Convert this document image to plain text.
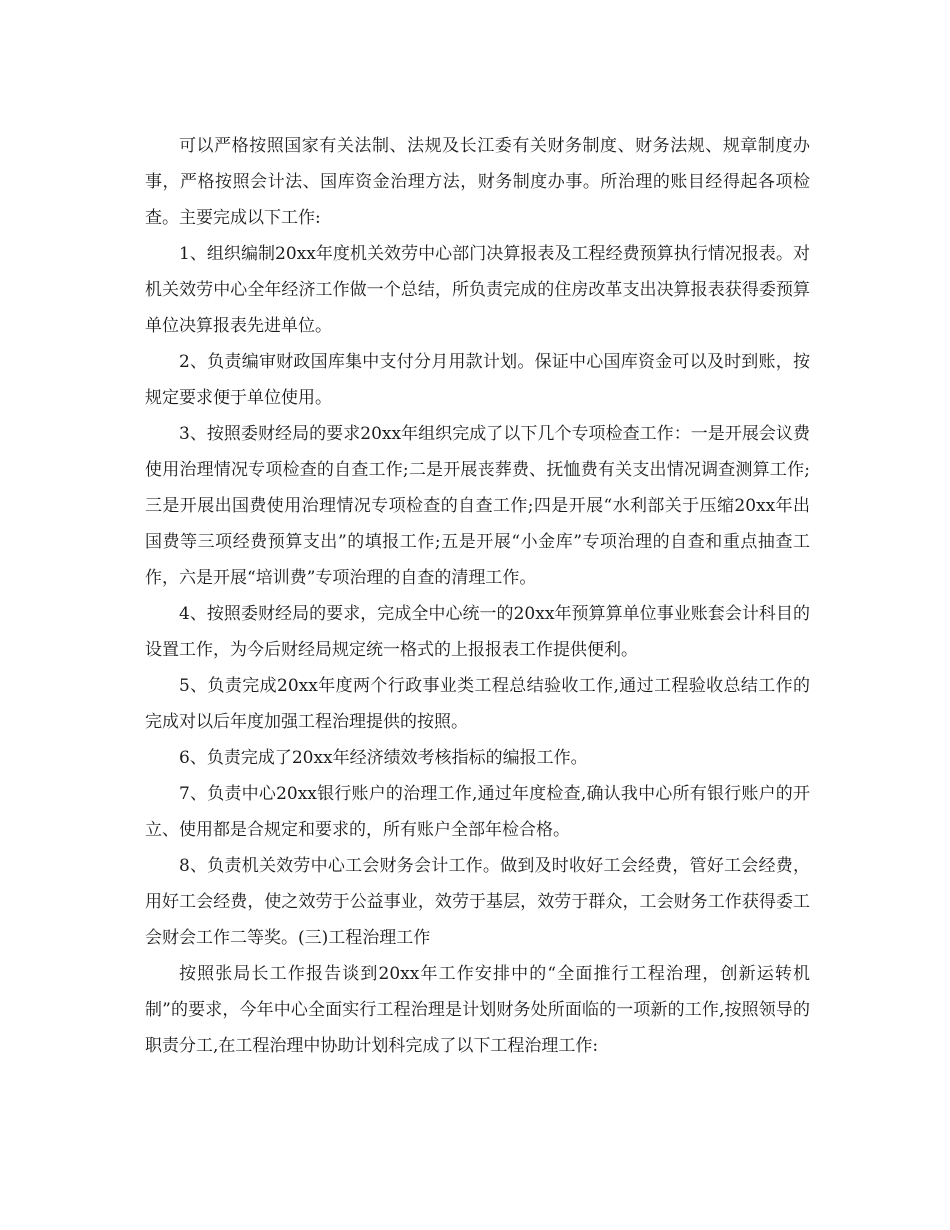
可以严格按照国家有关法制、法规及长江委有关财务制度、财务法规、规章制度办事，严格按照会计法、国库资金治理方法，财务制度办事。所治理的账目经得起各项检查。主要完成以下工作:

1、组织编制20xx年度机关效劳中心部门决算报表及工程经费预算执行情况报表。对机关效劳中心全年经济工作做一个总结，所负责完成的住房改革支出决算报表获得委预算单位决算报表先进单位。

2、负责编审财政国库集中支付分月用款计划。保证中心国库资金可以及时到账，按规定要求便于单位使用。

3、按照委财经局的要求20xx年组织完成了以下几个专项检查工作：一是开展会议费使用治理情况专项检查的自查工作;二是开展丧葬费、抚恤费有关支出情况调查测算工作;三是开展出国费使用治理情况专项检查的自查工作;四是开展“水利部关于压缩20xx年出国费等三项经费预算支出”的填报工作;五是开展“小金库”专项治理的自查和重点抽查工作，六是开展“培训费”专项治理的自查的清理工作。

4、按照委财经局的要求，完成全中心统一的20xx年预算算单位事业账套会计科目的设置工作，为今后财经局规定统一格式的上报报表工作提供便利。

5、负责完成20xx年度两个行政事业类工程总结验收工作,通过工程验收总结工作的完成对以后年度加强工程治理提供的按照。

6、负责完成了20xx年经济绩效考核指标的编报工作。

7、负责中心20xx银行账户的治理工作,通过年度检查,确认我中心所有银行账户的开立、使用都是合规定和要求的，所有账户全部年检合格。

8、负责机关效劳中心工会财务会计工作。做到及时收好工会经费，管好工会经费，用好工会经费，使之效劳于公益事业，效劳于基层，效劳于群众，工会财务工作获得委工会财会工作二等奖。(三)工程治理工作

按照张局长工作报告谈到20xx年工作安排中的“全面推行工程治理，创新运转机制”的要求，今年中心全面实行工程治理是计划财务处所面临的一项新的工作,按照领导的职责分工,在工程治理中协助计划科完成了以下工程治理工作:
